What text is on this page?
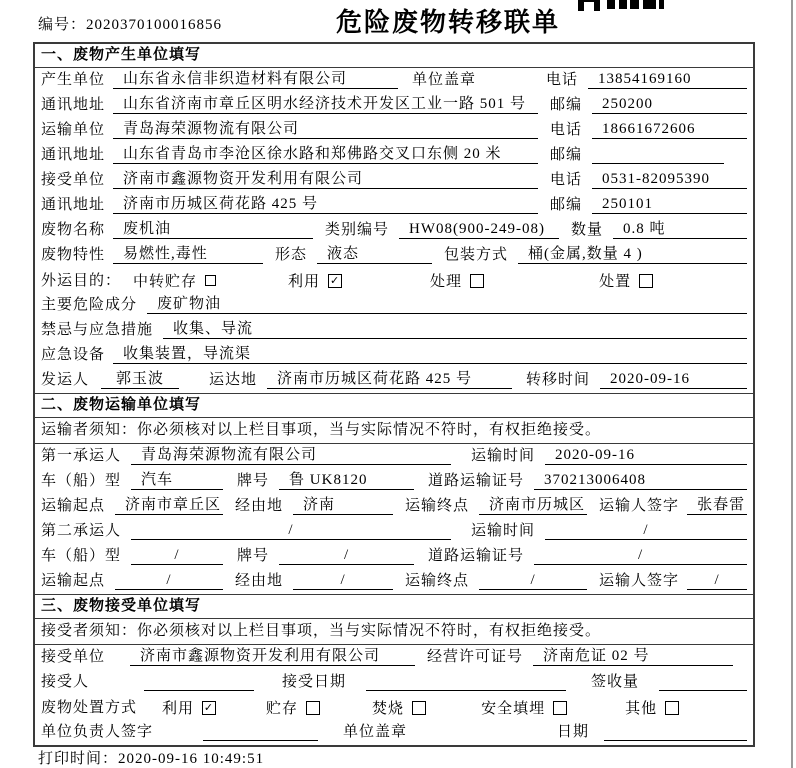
编号：2020370100016856	危险废物转移联单
一、废物产生单位填写
产生单位	山东省永信非织造材料有限公司	单位盖章	电话	13854169160
通讯地址	山东省济南市章丘区明水经济技术开发区工业一路 501 号	邮编	250200
运输单位	青岛海荣源物流有限公司	电话	18661672606
通讯地址	山东省青岛市李沧区徐水路和郑佛路交叉口东侧 20 米	邮编
接受单位	济南市鑫源物资开发利用有限公司	电话	0531-82095390
通讯地址	济南市历城区荷花路 425 号	邮编	250101
废物名称	废机油	类别编号	HW08(900-249-08)	数量	0.8 吨
废物特性	易燃性,毒性	形态	液态	包装方式	桶(金属,数量 4 )
外运目的： 中转贮存	利用 ✓	处理	处置
主要危险成分	废矿物油
禁忌与应急措施	收集、导流
应急设备	收集装置，导流渠
发运人	郭玉波	运达地	济南市历城区荷花路 425 号	转移时间	2020-09-16
二、废物运输单位填写
运输者须知：你必须核对以上栏目事项，当与实际情况不符时，有权拒绝接受。
第一承运人	青岛海荣源物流有限公司	运输时间	2020-09-16
车（船）型	汽车	牌号	鲁 UK8120	道路运输证号	370213006408
运输起点	济南市章丘区 经由地	济南	运输终点	济南市历城区 运输人签字	张春雷
第二承运人	/	运输时间	/
车（船）型	/	牌号	/	道路运输证号	/
运输起点	/	经由地	/	运输终点	/	运输人签字	/
三、废物接受单位填写
接受者须知：你必须核对以上栏目事项，当与实际情况不符时，有权拒绝接受。
接受单位	济南市鑫源物资开发利用有限公司	经营许可证号	济南危证 02 号
接受人	接受日期	签收量
废物处置方式 利用 ✓	贮存	焚烧	安全填埋	其他
单位负责人签字	单位盖章	日期
打印时间：2020-09-16 10:49:51
